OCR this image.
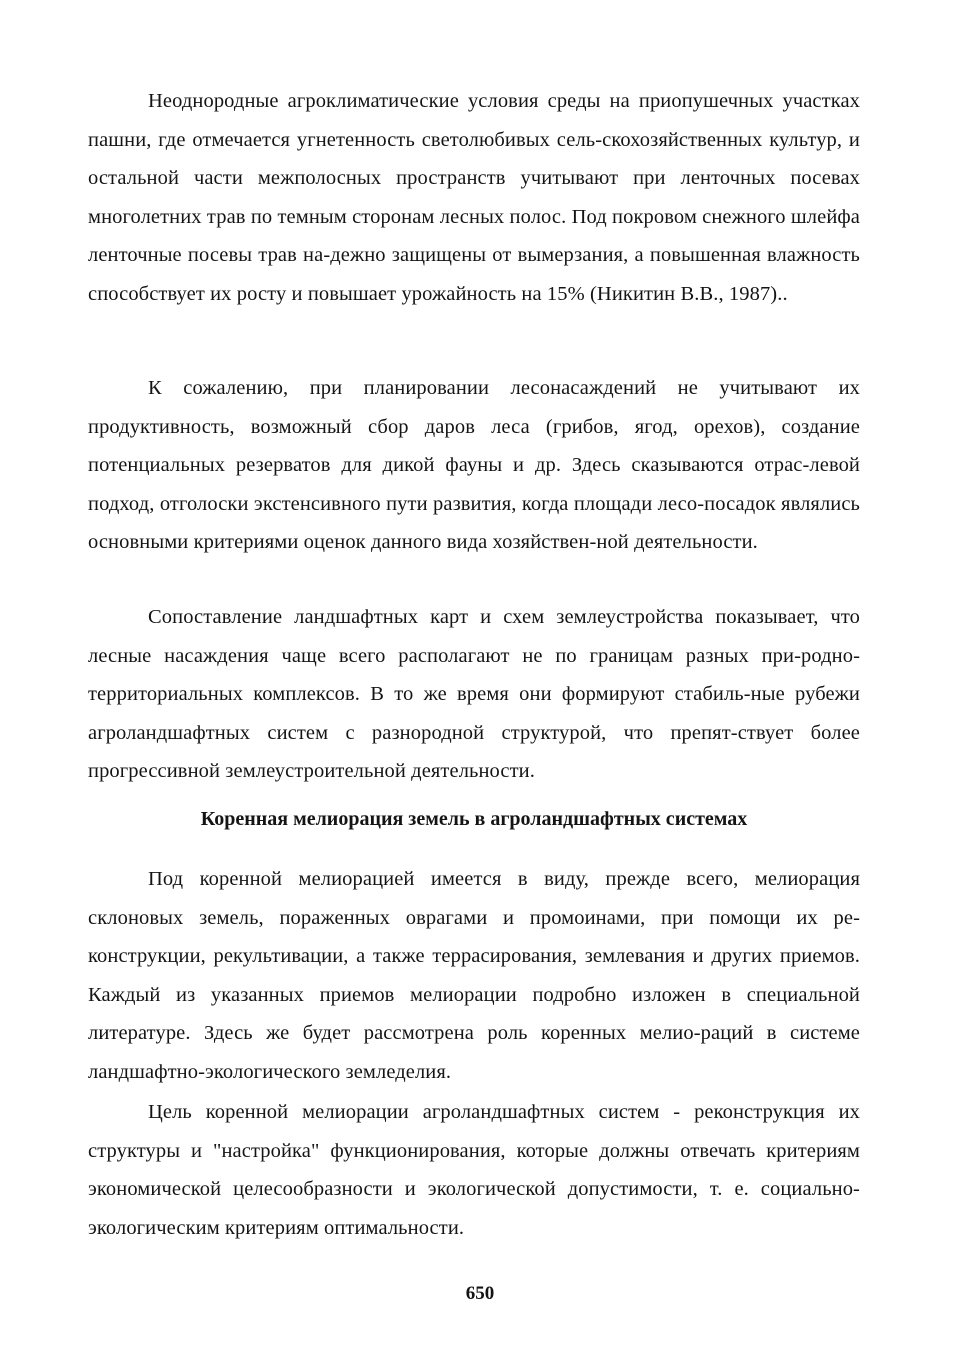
Неоднородные агроклиматические условия среды на приопушечных участках пашни, где отмечается угнетенность светолюбивых сель-скохозяйственных культур, и остальной части межполосных пространств учитывают при ленточных посевах многолетних трав по темным сторонам лесных полос. Под покровом снежного шлейфа ленточные посевы трав на-дежно защищены от вымерзания, а повышенная влажность способствует их росту и повышает урожайность на 15% (Никитин В.В., 1987)..

К сожалению, при планировании лесонасаждений не учитывают их продуктивность, возможный сбор даров леса (грибов, ягод, орехов), создание потенциальных резерватов для дикой фауны и др. Здесь сказываются отрас-левой подход, отголоски экстенсивного пути развития, когда площади лесо-посадок являлись основными критериями оценок данного вида хозяйствен-ной деятельности.

Сопоставление ландшафтных карт и схем землеустройства показывает, что лесные насаждения чаще всего располагают не по границам разных при-родно-территориальных комплексов. В то же время они формируют стабиль-ные рубежи агроландшафтных систем с разнородной структурой, что препят-ствует более прогрессивной землеустроительной деятельности.

Коренная мелиорация земель в агроландшафтных системах

Под коренной мелиорацией имеется в виду, прежде всего, мелиорация склоновых земель, пораженных оврагами и промоинами, при помощи их ре-конструкции, рекультивации, а также террасирования, землевания и других приемов. Каждый из указанных приемов мелиорации подробно изложен в специальной литературе. Здесь же будет рассмотрена роль коренных мелио-раций в системе ландшафтно-экологического земледелия.

Цель коренной мелиорации агроландшафтных систем - реконструкция их структуры и "настройка" функционирования, которые должны отвечать критериям экономической целесообразности и экологической допустимости, т. е. социально-экологическим критериям оптимальности.

650
